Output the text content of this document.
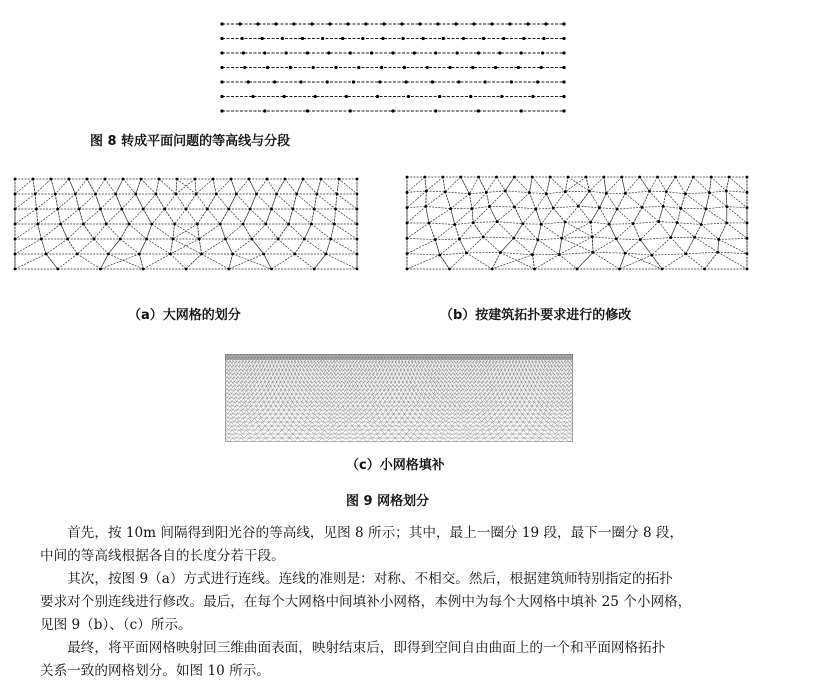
图 8 转成平面问题的等高线与分段
（a）大网格的划分	（b）按建筑拓扑要求进行的修改
（c）小网格填补
图 9 网格划分

首先，按 10m 间隔得到阳光谷的等高线，见图 8 所示；其中，最上一圈分 19 段，最下一圈分 8 段，

中间的等高线根据各自的长度分若干段。

其次，按图 9（a）方式进行连线。连线的准则是：对称、不相交。然后，根据建筑师特别指定的拓扑

要求对个别连线进行修改。最后，在每个大网格中间填补小网格，本例中为每个大网格中填补 25 个小网格，

见图 9（b）、（c）所示。

最终，将平面网格映射回三维曲面表面，映射结束后，即得到空间自由曲面上的一个和平面网格拓扑

关系一致的网格划分。如图 10 所示。
